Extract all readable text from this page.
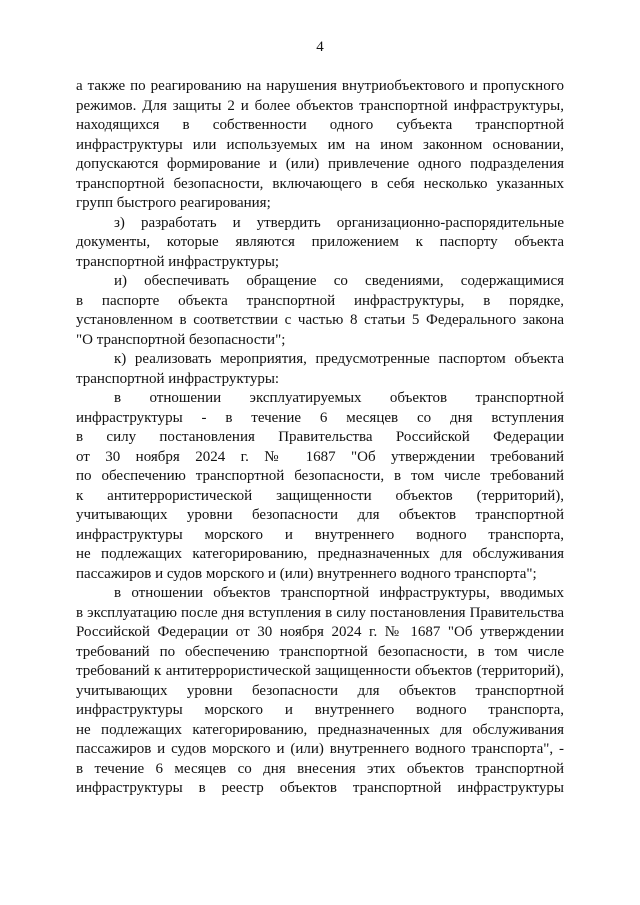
4
а также по реагированию на нарушения внутриобъектового и пропускного
режимов. Для защиты 2 и более объектов транспортной инфраструктуры,
находящихся в собственности одного субъекта транспортной
инфраструктуры или используемых им на ином законном основании,
допускаются формирование и (или) привлечение одного подразделения
транспортной безопасности, включающего в себя несколько указанных
групп быстрого реагирования;
з) разработать и утвердить организационно-распорядительные
документы, которые являются приложением к паспорту объекта
транспортной инфраструктуры;
и) обеспечивать обращение со сведениями, содержащимися
в паспорте объекта транспортной инфраструктуры, в порядке,
установленном в соответствии с частью 8 статьи 5 Федерального закона
"О транспортной безопасности";
к) реализовать мероприятия, предусмотренные паспортом объекта
транспортной инфраструктуры:
в отношении эксплуатируемых объектов транспортной
инфраструктуры - в течение 6 месяцев со дня вступления
в силу постановления Правительства Российской Федерации
от 30 ноября 2024 г. № 1687 "Об утверждении требований
по обеспечению транспортной безопасности, в том числе требований
к антитеррористической защищенности объектов (территорий),
учитывающих уровни безопасности для объектов транспортной
инфраструктуры морского и внутреннего водного транспорта,
не подлежащих категорированию, предназначенных для обслуживания
пассажиров и судов морского и (или) внутреннего водного транспорта";
в отношении объектов транспортной инфраструктуры, вводимых
в эксплуатацию после дня вступления в силу постановления Правительства
Российской Федерации от 30 ноября 2024 г. № 1687 "Об утверждении
требований по обеспечению транспортной безопасности, в том числе
требований к антитеррористической защищенности объектов (территорий),
учитывающих уровни безопасности для объектов транспортной
инфраструктуры морского и внутреннего водного транспорта,
не подлежащих категорированию, предназначенных для обслуживания
пассажиров и судов морского и (или) внутреннего водного транспорта", -
в течение 6 месяцев со дня внесения этих объектов транспортной
инфраструктуры в реестр объектов транспортной инфраструктуры
